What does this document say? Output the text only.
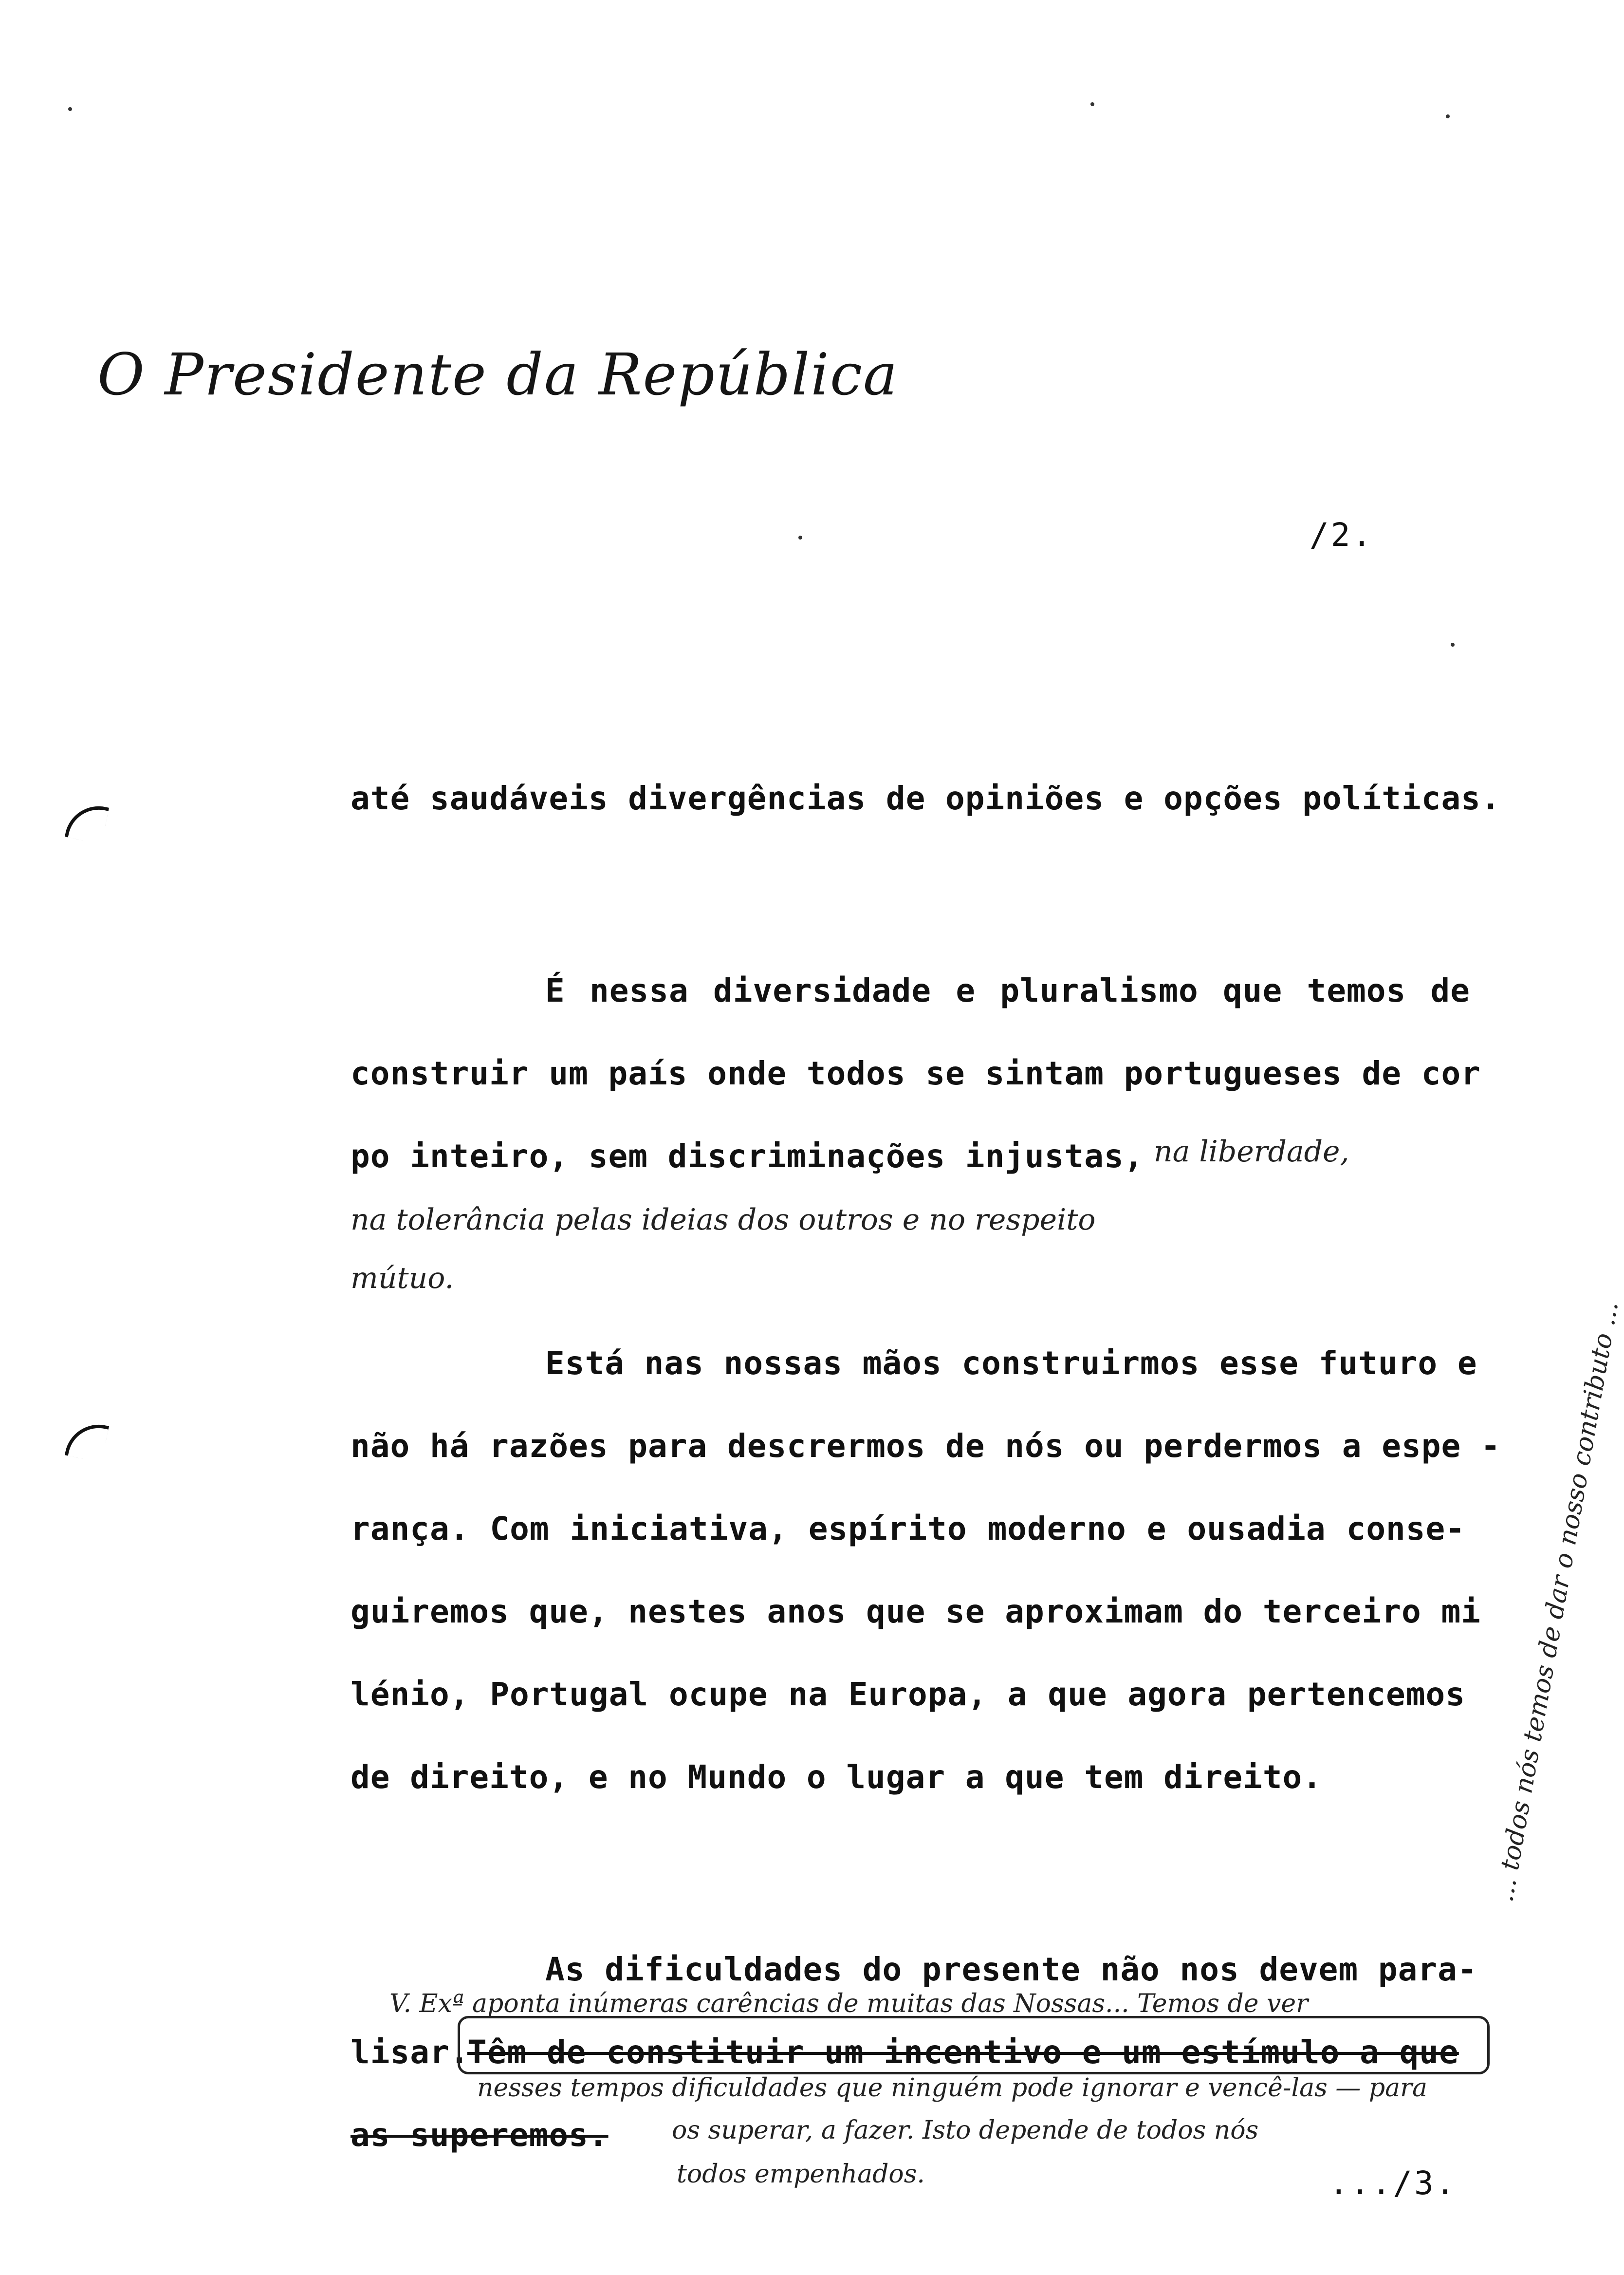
O Presidente da República
/2.
até saudáveis divergências de opiniões e opções políticas.
É nessa diversidade e pluralismo que temos de
construir um país onde todos se sintam portugueses de cor
po inteiro, sem discriminações injustas, na liberdade,
na tolerância pelas ideias dos outros e no respeito
mútuo.
Está nas nossas mãos construirmos esse futuro e
não há razões para descrermos de nós ou perdermos a espe -
rança. Com iniciativa, espírito moderno e ousadia conse-
guiremos que, nestes anos que se aproximam do terceiro mi
lénio, Portugal ocupe na Europa, a que agora pertencemos
de direito, e no Mundo o lugar a que tem direito.
As dificuldades do presente não nos devem para-
V. Exª aponta inúmeras carências de muitas das Nossas... Temos de ver
lisar.
Têm de constituir um incentivo e um estímulo a que
nesses tempos dificuldades que ninguém pode ignorar e vencê-las — para
as superemos.	os superar, a fazer. Isto depende de todos nós
todos empenhados.
... todos nós temos de dar o nosso contributo ...
.../3.
